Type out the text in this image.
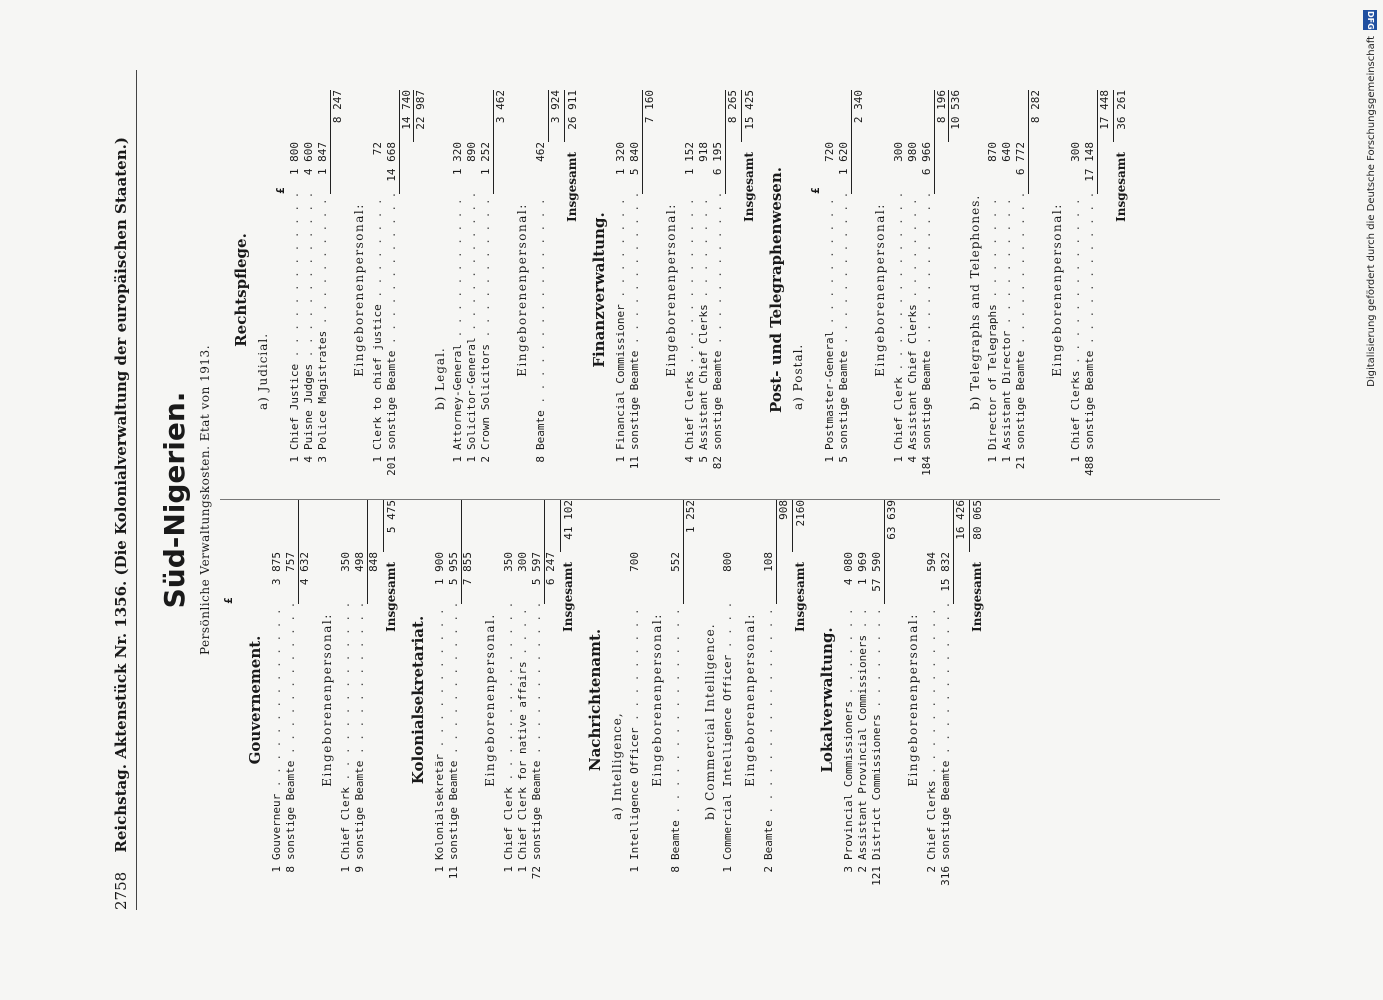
2758 Reichstag. Aktenstück Nr. 1356. (Die Kolonialverwaltung der europäischen Staaten.) Süd-Nigerien. Persönliche Verwaltungskosten. Etat von 1913. £
Gouvernement.
1
Gouverneur . . .
3 875
8
sonstige Beamte . . .
757 4 632
Eingeborenenpersonal:
1
Chief Clerk . . .
350
9
sonstige Beamte . . .
498 848
Insgesamt
5 475
Kolonialsekretariat.
1
Kolonialsekretär . . .
1 900
11
sonstige Beamte . . .
5 955 7 855
Eingeborenenpersonal.
1
Chief Clerk . . .
350
1
Chief Clerk for native affairs . . .
300
72
sonstige Beamte . . .
5 597 6 247 Insgesamt
41 102
Nachrichtenamt. a) Intelligence,
1
Intelligence Officer . . .
700
Eingeborenenpersonal:
8
Beamte . . .
552
1 252
b) Commercial Intelligence.
1
Commercial Intelligence Officer . . .
800
Eingeborenenpersonal:
2
Beamte . . .
108
908
Insgesamt
2160
Lokalverwaltung.
3
Provincial Commissioners . . .
4 080
2
Assistant Provincial Commissioners . . .
1 969
121
District Commissioners . . .
57 590
63 639
Eingeborenenpersonal:
2
Chief Clerks . . .
594
316
sonstige Beamte . . .
15 832
16 426
Insgesamt
80 065
Rechtspflege.
a) Judicial.
£
1
Chief Justice . . .
1 800
4
Puisne Judges . . .
4 600
3
Police Magistrates . . .
1 847
8 247
Eingeborenenpersonal:
1
Clerk to chief justice . . .
72
201
sonstige Beamte . . .
14 668
14 740 22 987
b) Legal.
1
Attorney-General . . .
1 320
1
Solicitor-General . . .
890
2
Crown Solicitors . . .
1 252
3 462
Eingeborenenpersonal:
8
Beamte . . .
462
3 924
Insgesamt
26 911
Finanzverwaltung.
1
Financial Commissioner . . .
1 320
11
sonstige Beamte . . .
5 840
7 160
Eingeborenenpersonal:
4
Chief Clerks . . .
1 152
5
Assistant Chief Clerks . . .
918
82
sonstige Beamte . . .
6 195
8 265
Insgesamt
15 425
Post- und Telegraphenwesen. a) Postal.
£
1
Postmaster-General . . .
720
5
sonstige Beamte . . .
1 620
2 340
Eingeborenenpersonal:
1
Chief Clerk . . .
300
4
Assistant Chief Clerks . . .
980
184
sonstige Beamte . . .
6 966
8 196 10 536
b) Telegraphs and Telephones.
1
Director of Telegraphs . . .
870
1
Assistant Director . . .
640
21
sonstige Beamte . . .
6 772
8 282
Eingeborenenpersonal:
1
Chief Clerks . . .
300
488
sonstige Beamte . . .
17 148
17 448
Insgesamt
36 261
DFG
Digitalisierung gefördert durch die Deutsche Forschungsgemeinschaft
